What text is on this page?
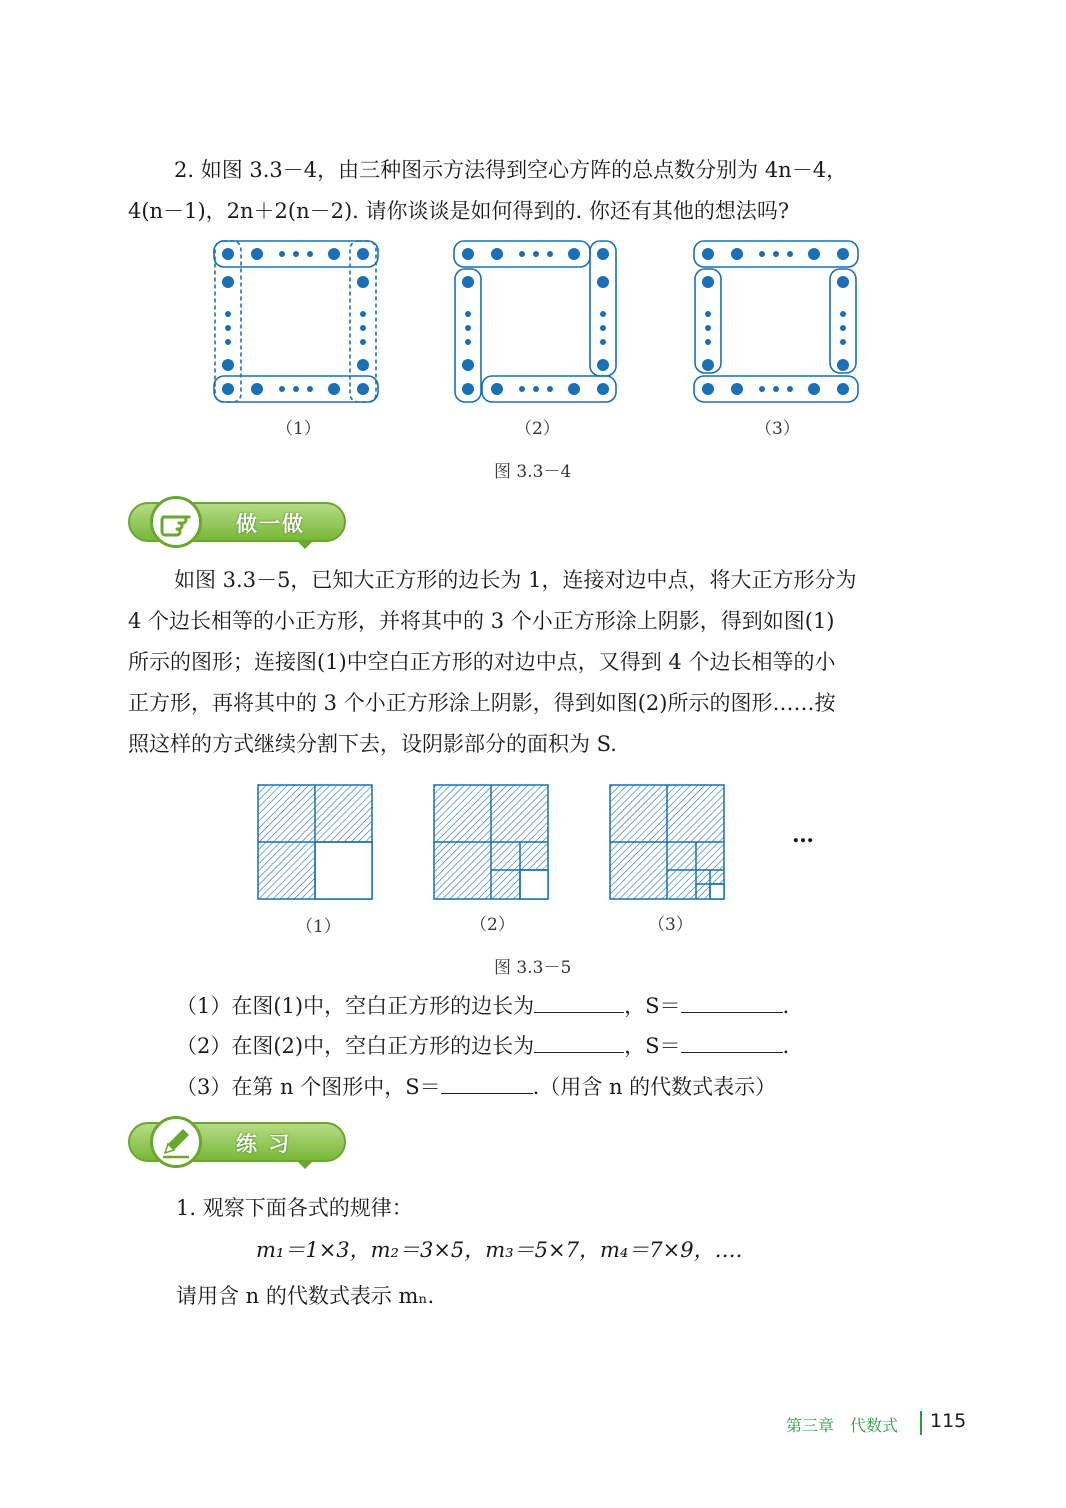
2. 如图 3.3－4，由三种图示方法得到空心方阵的总点数分别为 4n－4，
4(n－1)，2n＋2(n－2). 请你谈谈是如何得到的. 你还有其他的想法吗?
（1）	（2）	（3）
图 3.3－4
做一做
如图 3.3－5，已知大正方形的边长为 1，连接对边中点，将大正方形分为
4 个边长相等的小正方形，并将其中的 3 个小正方形涂上阴影，得到如图(1)
所示的图形；连接图(1)中空白正方形的对边中点，又得到 4 个边长相等的小
正方形，再将其中的 3 个小正方形涂上阴影，得到如图(2)所示的图形……按
照这样的方式继续分割下去，设阴影部分的面积为 S.
…
（1）	（2）	（3）
图 3.3－5
（1）在图(1)中，空白正方形的边长为	，S＝	.
（2）在图(2)中，空白正方形的边长为	，S＝	.
（3）在第 n 个图形中，S＝	.（用含 n 的代数式表示）
练 习
1. 观察下面各式的规律：
m₁＝1×3，m₂＝3×5，m₃＝5×7，m₄＝7×9，….
请用含 n 的代数式表示 mₙ.
第三章　代数式 115
